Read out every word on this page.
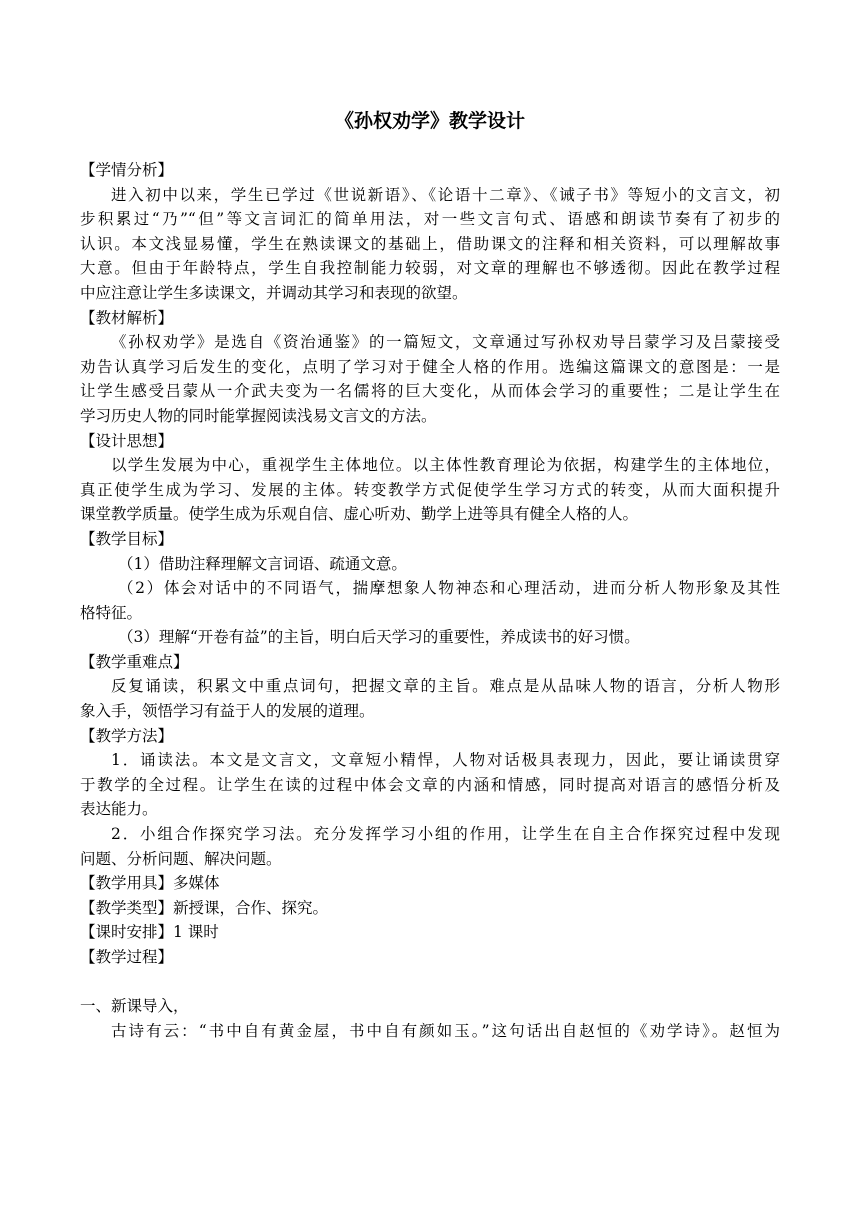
《孙权劝学》教学设计
【学情分析】
进入初中以来，学生已学过《世说新语》、《论语十二章》、《诫子书》等短小的文言文，初
步积累过“乃”“但”等文言词汇的简单用法，对一些文言句式、语感和朗读节奏有了初步的
认识。本文浅显易懂，学生在熟读课文的基础上，借助课文的注释和相关资料，可以理解故事
大意。但由于年龄特点，学生自我控制能力较弱，对文章的理解也不够透彻。因此在教学过程
中应注意让学生多读课文，并调动其学习和表现的欲望。
【教材解析】
《孙权劝学》是选自《资治通鉴》的一篇短文，文章通过写孙权劝导吕蒙学习及吕蒙接受
劝告认真学习后发生的变化，点明了学习对于健全人格的作用。选编这篇课文的意图是：一是
让学生感受吕蒙从一介武夫变为一名儒将的巨大变化，从而体会学习的重要性；二是让学生在
学习历史人物的同时能掌握阅读浅易文言文的方法。
【设计思想】
以学生发展为中心，重视学生主体地位。以主体性教育理论为依据，构建学生的主体地位，
真正使学生成为学习、发展的主体。转变教学方式促使学生学习方式的转变，从而大面积提升
课堂教学质量。使学生成为乐观自信、虚心听劝、勤学上进等具有健全人格的人。
【教学目标】
（1）借助注释理解文言词语、疏通文意。
（2）体会对话中的不同语气，揣摩想象人物神态和心理活动，进而分析人物形象及其性
格特征。
（3）理解“开卷有益”的主旨，明白后天学习的重要性，养成读书的好习惯。
【教学重难点】
反复诵读，积累文中重点词句，把握文章的主旨。难点是从品味人物的语言，分析人物形
象入手，领悟学习有益于人的发展的道理。
【教学方法】
1．诵读法。本文是文言文，文章短小精悍，人物对话极具表现力，因此，要让诵读贯穿
于教学的全过程。让学生在读的过程中体会文章的内涵和情感，同时提高对语言的感悟分析及
表达能力。
2．小组合作探究学习法。充分发挥学习小组的作用，让学生在自主合作探究过程中发现
问题、分析问题、解决问题。
【教学用具】多媒体
【教学类型】新授课，合作、探究。
【课时安排】1 课时
【教学过程】
一、新课导入，
古诗有云：“书中自有黄金屋，书中自有颜如玉。”这句话出自赵恒的《劝学诗》。赵恒为
